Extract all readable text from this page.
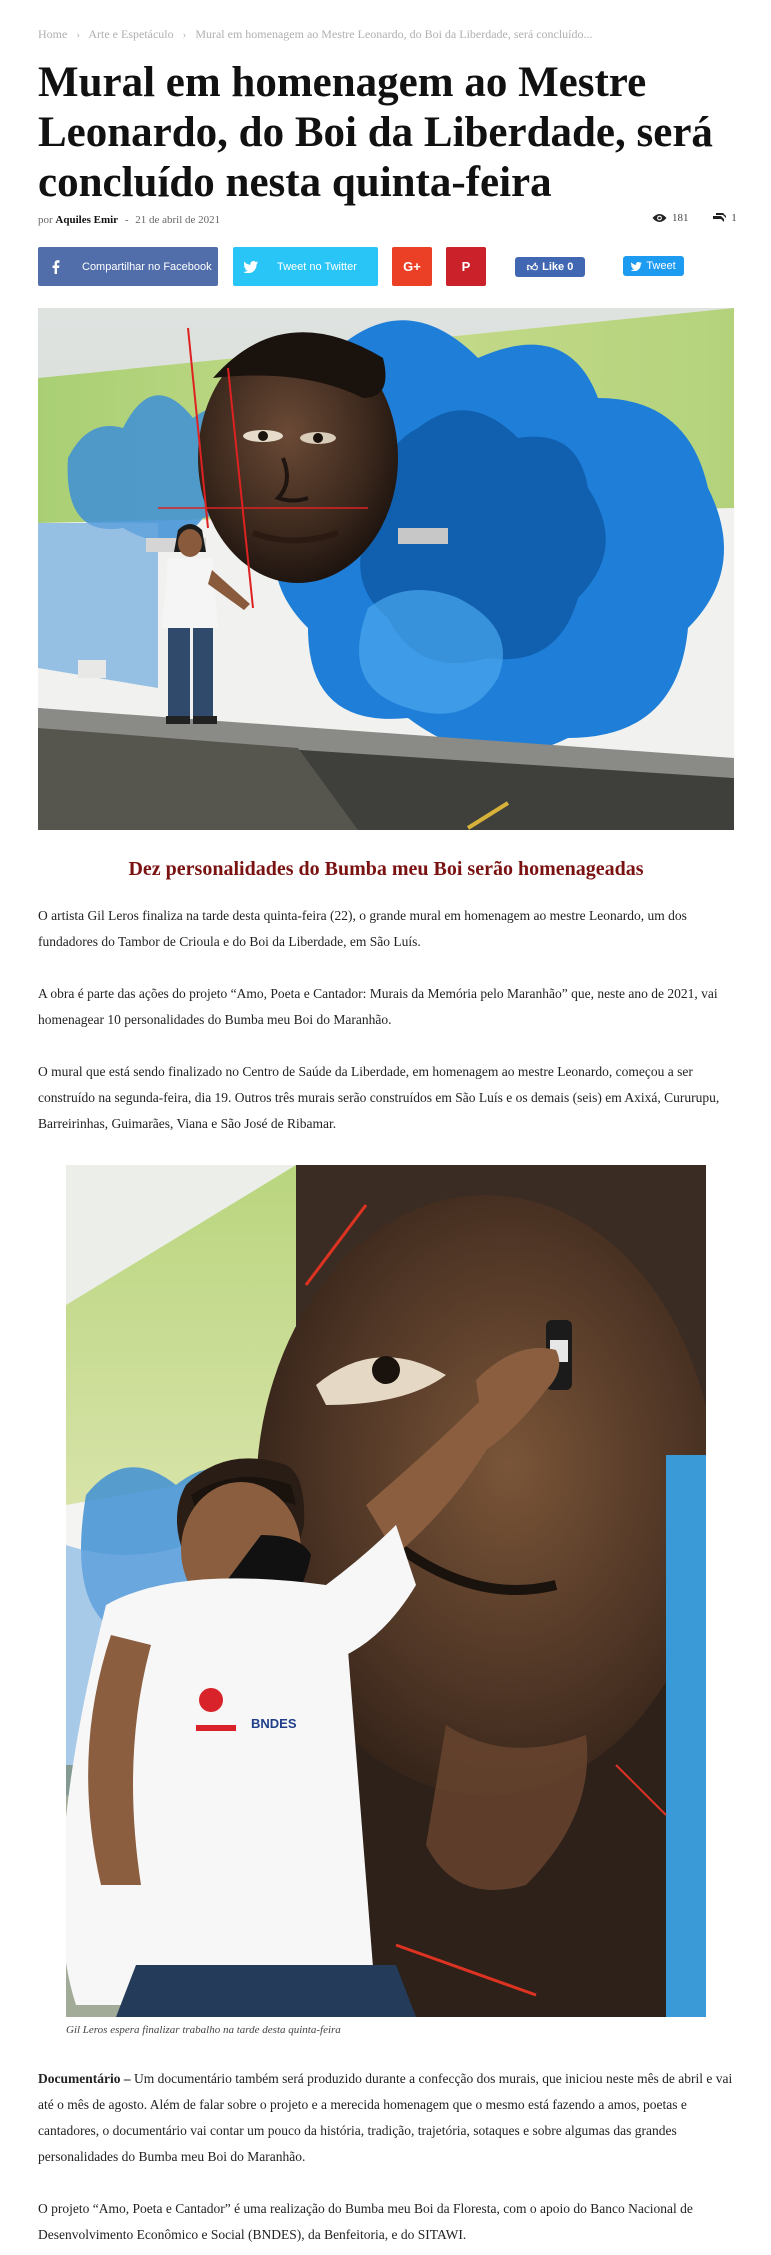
Home › Arte e Espetáculo › Mural em homenagem ao Mestre Leonardo, do Boi da Liberdade, será concluído...
Mural em homenagem ao Mestre Leonardo, do Boi da Liberdade, será concluído nesta quinta-feira
por Aquiles Emir - 21 de abril de 2021	181
	1
Compartilhar no Facebook	Tweet no Twitter	G+	P	👍︎ Like 0	Tweet
Dez personalidades do Bumba meu Boi serão homenageadas

O artista Gil Leros finaliza na tarde desta quinta-feira (22), o grande mural em homenagem ao mestre Leonardo, um dos fundadores do Tambor de Crioula e do Boi da Liberdade, em São Luís.

A obra é parte das ações do projeto “Amo, Poeta e Cantador: Murais da Memória pelo Maranhão” que, neste ano de 2021, vai homenagear 10 personalidades do Bumba meu Boi do Maranhão.

O mural que está sendo finalizado no Centro de Saúde da Liberdade, em homenagem ao mestre Leonardo, começou a ser construído na segunda-feira, dia 19. Outros três murais serão construídos em São Luís e os demais (seis) em Axixá, Cururupu, Barreirinhas, Guimarães, Viana e São José de Ribamar.

BNDES
Gil Leros espera finalizar trabalho na tarde desta quinta-feira

Documentário – Um documentário também será produzido durante a confecção dos murais, que iniciou neste mês de abril e vai até o mês de agosto. Além de falar sobre o projeto e a merecida homenagem que o mesmo está fazendo a amos, poetas e cantadores, o documentário vai contar um pouco da história, tradição, trajetória, sotaques e sobre algumas das grandes personalidades do Bumba meu Boi do Maranhão.

O projeto “Amo, Poeta e Cantador” é uma realização do Bumba meu Boi da Floresta, com o apoio do Banco Nacional de Desenvolvimento Econômico e Social (BNDES), da Benfeitoria, e do SITAWI.
